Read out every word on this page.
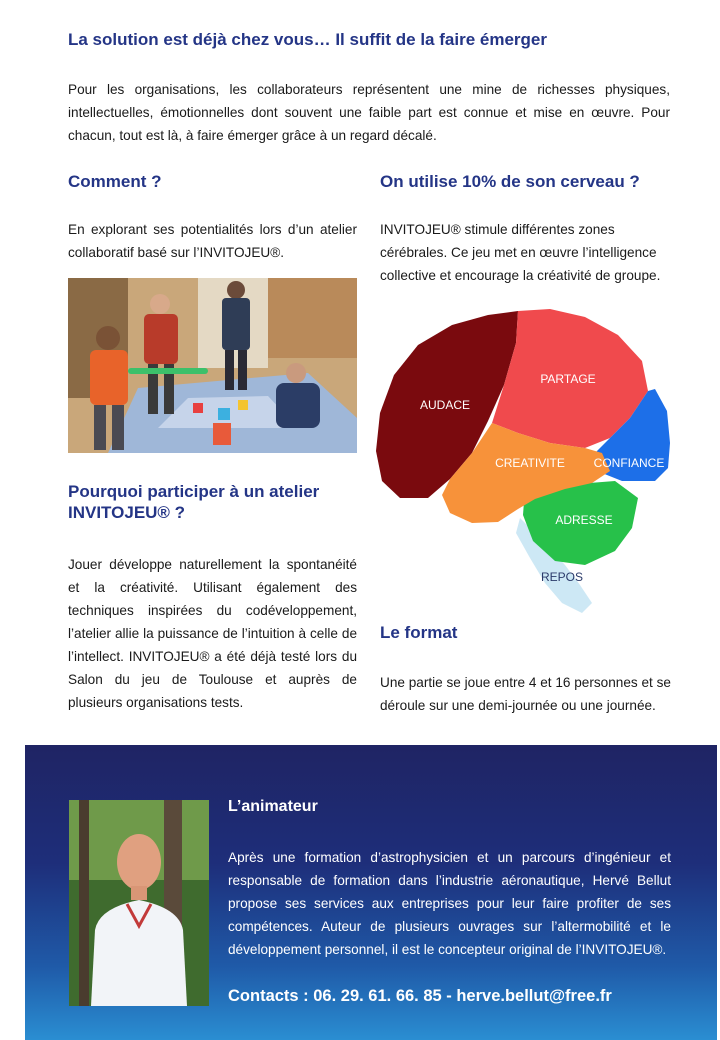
La solution est déjà chez vous… Il suffit de la faire émerger

Pour les organisations, les collaborateurs représentent une mine de richesses physiques, intellectuelles, émotionnelles dont souvent une faible part est connue et mise en œuvre. Pour chacun, tout est là, à faire émerger grâce à un regard décalé.

Comment ?

En explorant ses potentialités lors d’un atelier collaboratif basé sur l’INVITOJEU®.

Pourquoi participer à un atelier INVITOJEU® ?

Jouer développe naturellement la spontanéité et la créativité. Utilisant également des techniques inspirées du codéveloppement, l’atelier allie la puissance de l’intuition à celle de l’intellect. INVITOJEU® a été déjà testé lors du Salon du jeu de Toulouse et auprès de plusieurs organisations tests.

On utilise 10% de son cerveau ?

INVITOJEU® stimule différentes zones cérébrales. Ce jeu met en œuvre l’intelligence collective et encourage la créativité de groupe.

AUDACE
PARTAGE
CONFIANCE
CREATIVITE
ADRESSE
REPOS
Le format

Une partie se joue entre 4 et 16 personnes et se déroule sur une demi-journée ou une journée.

L’animateur

Après une formation d’astrophysicien et un parcours d’ingénieur et responsable de formation dans l’industrie aéronautique, Hervé Bellut propose ses services aux entreprises pour leur faire profiter de ses compétences. Auteur de plusieurs ouvrages sur l’altermobilité et le développement personnel, il est le concepteur original de l’INVITOJEU®.

Contacts : 06. 29. 61. 66. 85 - herve.bellut@free.fr
